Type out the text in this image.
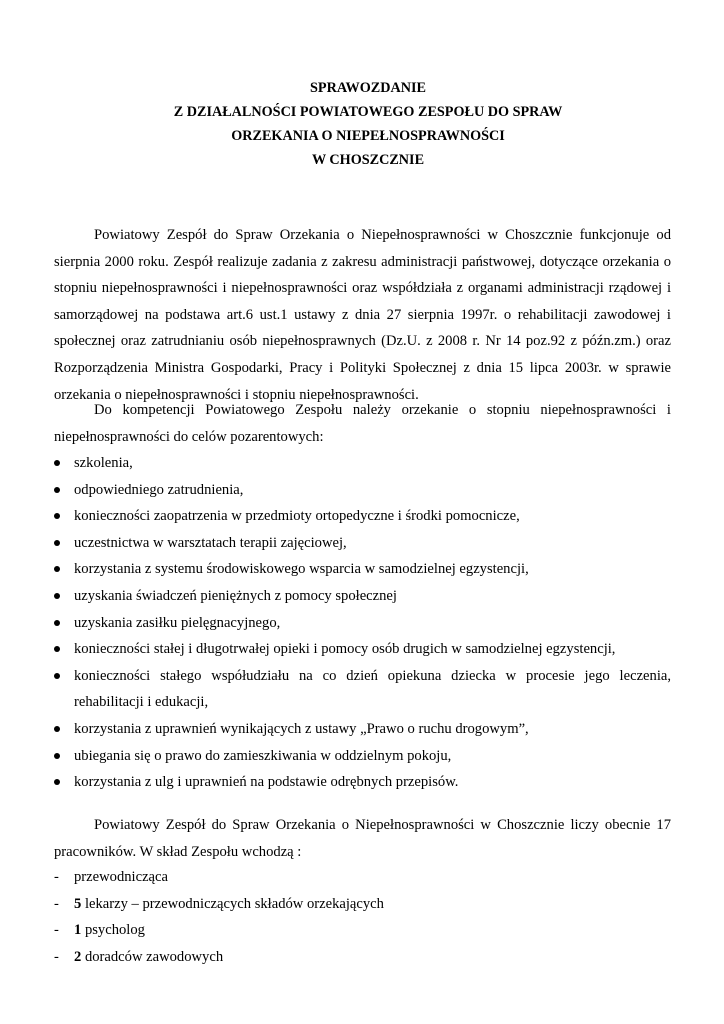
SPRAWOZDANIE
Z DZIAŁALNOŚCI POWIATOWEGO ZESPOŁU DO SPRAW
ORZEKANIA O NIEPEŁNOSPRAWNOŚCI
W CHOSZCZNIE
Powiatowy Zespół do Spraw Orzekania o Niepełnosprawności w Choszcznie funkcjonuje od
sierpnia 2000 roku. Zespół realizuje zadania z zakresu administracji państwowej, dotyczące orzekania o
stopniu niepełnosprawności i niepełnosprawności oraz współdziała z organami administracji rządowej i
samorządowej na podstawa art.6 ust.1 ustawy z dnia 27 sierpnia 1997r. o rehabilitacji zawodowej i
społecznej oraz zatrudnianiu osób niepełnosprawnych (Dz.U. z 2008 r. Nr 14 poz.92 z późn.zm.) oraz
Rozporządzenia Ministra Gospodarki, Pracy i Polityki Społecznej z dnia 15 lipca 2003r. w sprawie
orzekania o niepełnosprawności i stopniu niepełnosprawności.
Do kompetencji Powiatowego Zespołu należy orzekanie o stopniu niepełnosprawności i
niepełnosprawności do celów pozarentowych:
szkolenia,
odpowiedniego zatrudnienia,
konieczności zaopatrzenia w przedmioty ortopedyczne i środki pomocnicze,
uczestnictwa w warsztatach terapii zajęciowej,
korzystania z systemu środowiskowego wsparcia w samodzielnej egzystencji,
uzyskania świadczeń pieniężnych z pomocy społecznej
uzyskania zasiłku pielęgnacyjnego,
konieczności stałej i długotrwałej opieki i pomocy osób drugich w samodzielnej egzystencji,
konieczności stałego współudziału na co dzień opiekuna dziecka w procesie jego leczenia,
rehabilitacji i edukacji,
korzystania z uprawnień wynikających z ustawy „Prawo o ruchu drogowym”,
ubiegania się o prawo do zamieszkiwania w oddzielnym pokoju,
korzystania z ulg i uprawnień na podstawie odrębnych przepisów.
Powiatowy Zespół do Spraw Orzekania o Niepełnosprawności w Choszcznie liczy obecnie 17
pracowników. W skład Zespołu wchodzą :
- przewodnicząca
- 5 lekarzy – przewodniczących składów orzekających
- 1 psycholog
- 2 doradców zawodowych
